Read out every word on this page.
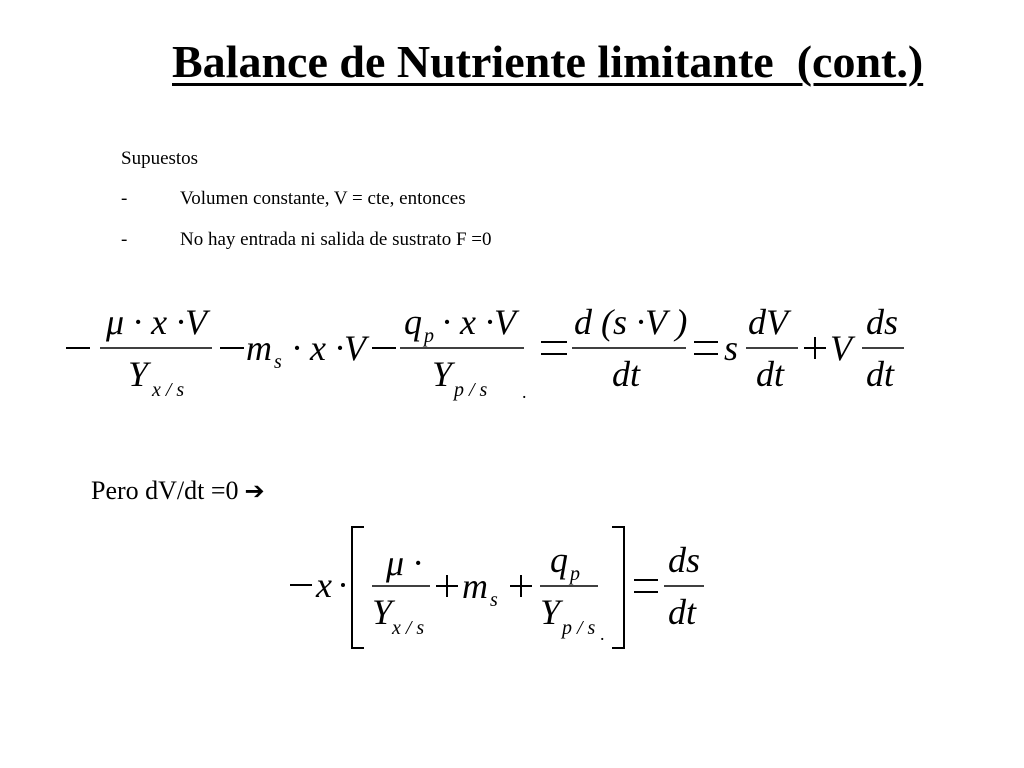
Balance de Nutriente limitante  (cont.)
Supuestos
-	Volumen constante, V = cte, entonces
-	No hay entrada ni salida de sustrato F =0
μ · x ·V
Y x / s
m s · x ·V
q p · x ·V
Y p / s .
d (s ·V )
dt
s
dV
dt
V
ds
dt

Pero dV/dt =0 ➔

x
μ ·
Y x / s
m s
q p
Y p / s .
ds
dt
